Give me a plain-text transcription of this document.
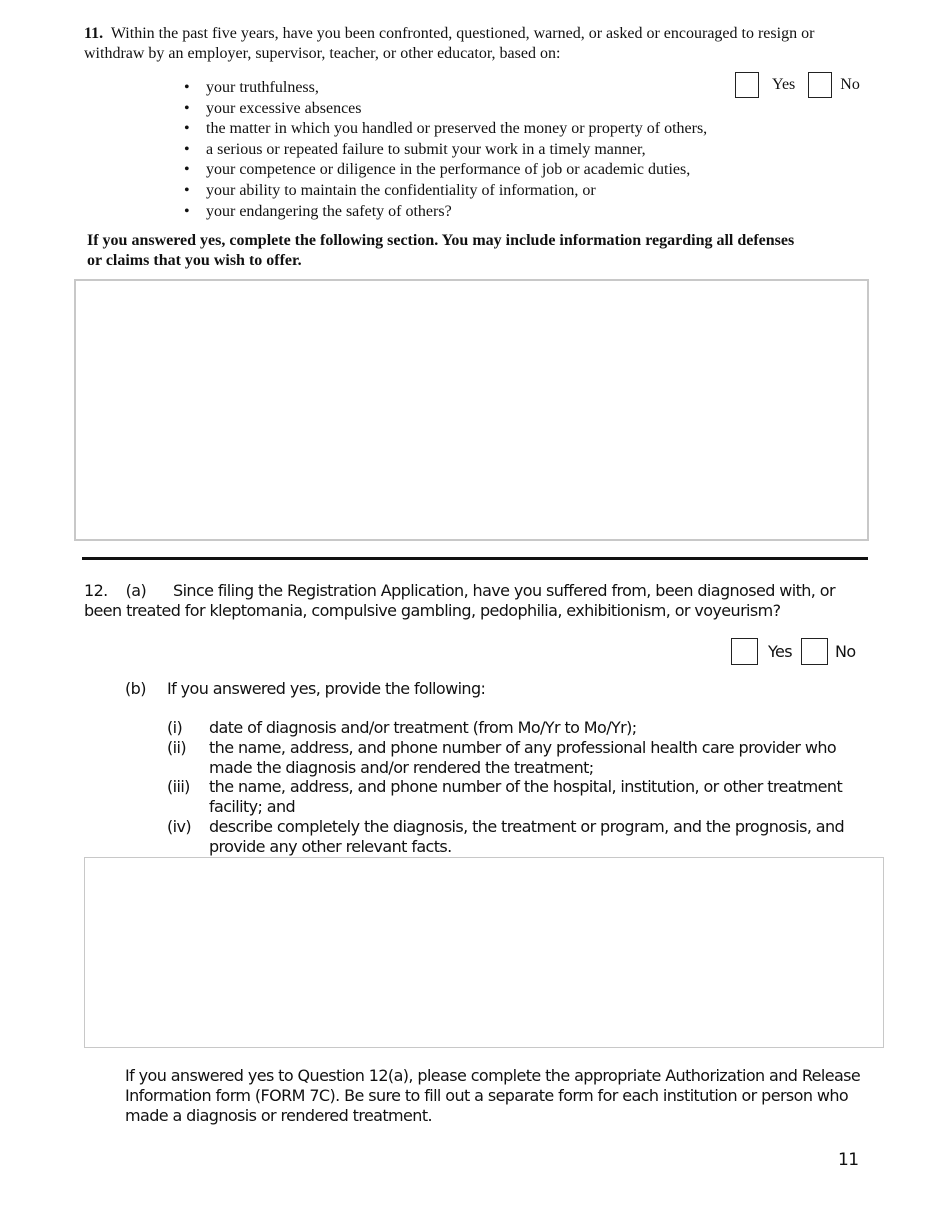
11. Within the past five years, have you been confronted, questioned, warned, or asked or encouraged to resign or withdraw by an employer, supervisor, teacher, or other educator, based on:
• your truthfulness,
• your excessive absences
• the matter in which you handled or preserved the money or property of others,
• a serious or repeated failure to submit your work in a timely manner,
• your competence or diligence in the performance of job or academic duties,
• your ability to maintain the confidentiality of information, or
• your endangering the safety of others?
Yes	No
If you answered yes, complete the following section. You may include information regarding all defenses or claims that you wish to offer.
12. (a) Since filing the Registration Application, have you suffered from, been diagnosed with, or been treated for kleptomania, compulsive gambling, pedophilia, exhibitionism, or voyeurism?
Yes	No
(b) If you answered yes, provide the following:
(i)	date of diagnosis and/or treatment (from Mo/Yr to Mo/Yr);
(ii)	the name, address, and phone number of any professional health care provider who made the diagnosis and/or rendered the treatment;
(iii)	the name, address, and phone number of the hospital, institution, or other treatment facility; and
(iv)	describe completely the diagnosis, the treatment or program, and the prognosis, and provide any other relevant facts.
If you answered yes to Question 12(a), please complete the appropriate Authorization and Release Information form (FORM 7C). Be sure to fill out a separate form for each institution or person who made a diagnosis or rendered treatment.
11
